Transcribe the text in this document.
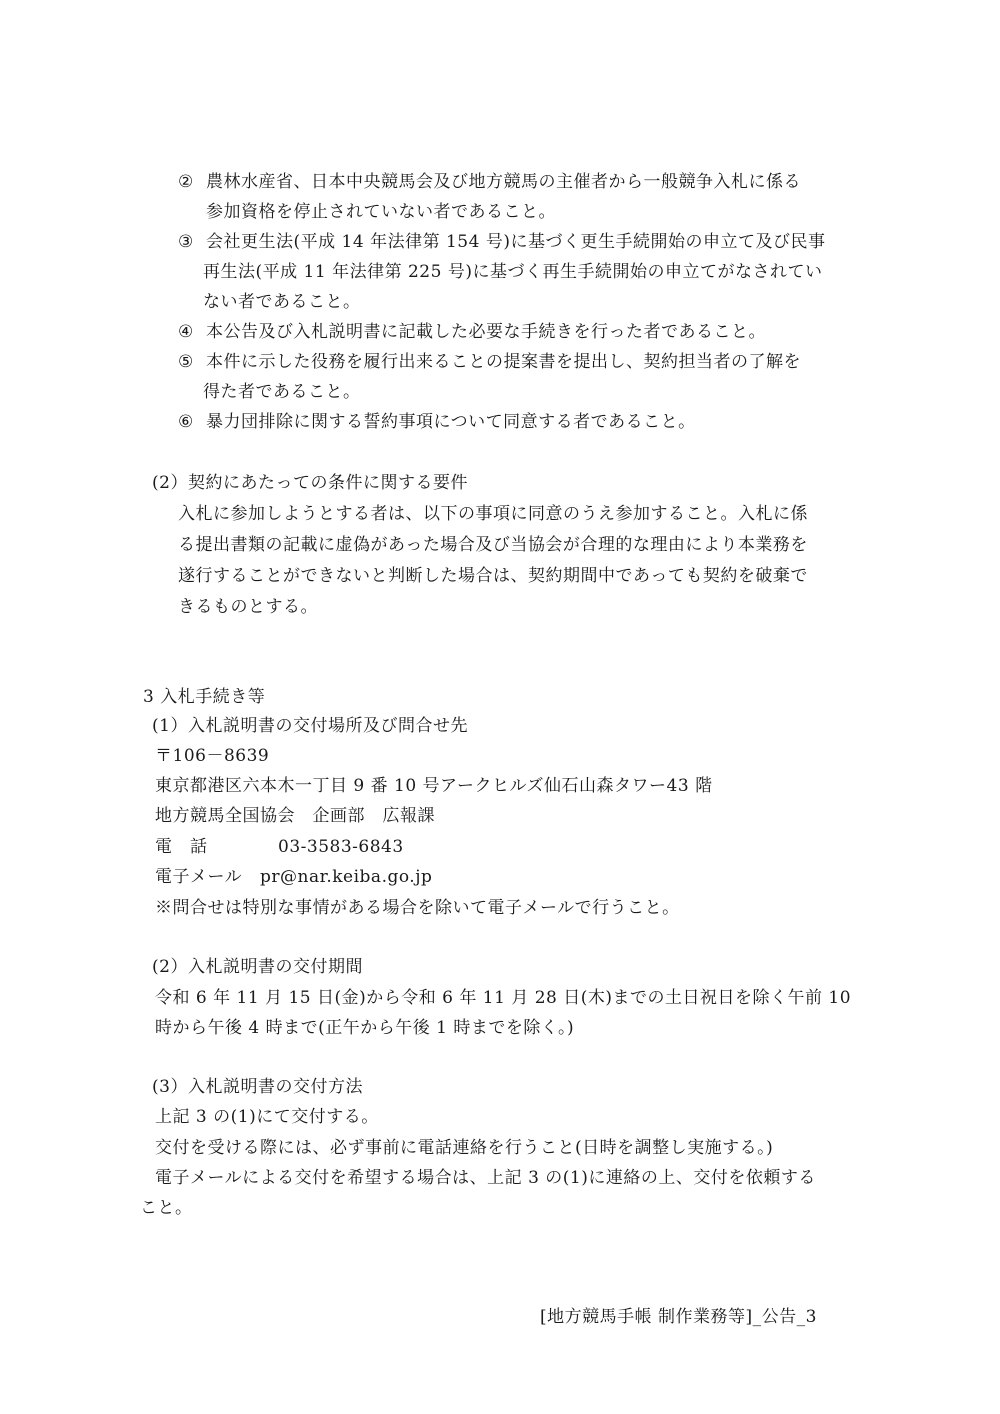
② 農林水産省、日本中央競馬会及び地方競馬の主催者から一般競争入札に係る
参加資格を停止されていない者であること。
③ 会社更生法(平成 14 年法律第 154 号)に基づく更生手続開始の申立て及び民事
再生法(平成 11 年法律第 225 号)に基づく再生手続開始の申立てがなされてい
ない者であること。
④ 本公告及び入札説明書に記載した必要な手続きを行った者であること。
⑤ 本件に示した役務を履行出来ることの提案書を提出し、契約担当者の了解を
得た者であること。
⑥ 暴力団排除に関する誓約事項について同意する者であること。
(2）契約にあたっての条件に関する要件
入札に参加しようとする者は、以下の事項に同意のうえ参加すること。入札に係
る提出書類の記載に虚偽があった場合及び当協会が合理的な理由により本業務を
遂行することができないと判断した場合は、契約期間中であっても契約を破棄で
きるものとする。
3 入札手続き等
(1）入札説明書の交付場所及び問合せ先
〒106－8639
東京都港区六本木一丁目 9 番 10 号アークヒルズ仙石山森タワー43 階
地方競馬全国協会　企画部　広報課
電　話	03-3583-6843
電子メール pr@nar.keiba.go.jp
※問合せは特別な事情がある場合を除いて電子メールで行うこと。
(2）入札説明書の交付期間
令和 6 年 11 月 15 日(金)から令和 6 年 11 月 28 日(木)までの土日祝日を除く午前 10
時から午後 4 時まで(正午から午後 1 時までを除く。)
(3）入札説明書の交付方法
上記 3 の(1)にて交付する。
交付を受ける際には、必ず事前に電話連絡を行うこと(日時を調整し実施する。)
電子メールによる交付を希望する場合は、上記 3 の(1)に連絡の上、交付を依頼する
こと。
[地方競馬手帳 制作業務等]_公告_3
